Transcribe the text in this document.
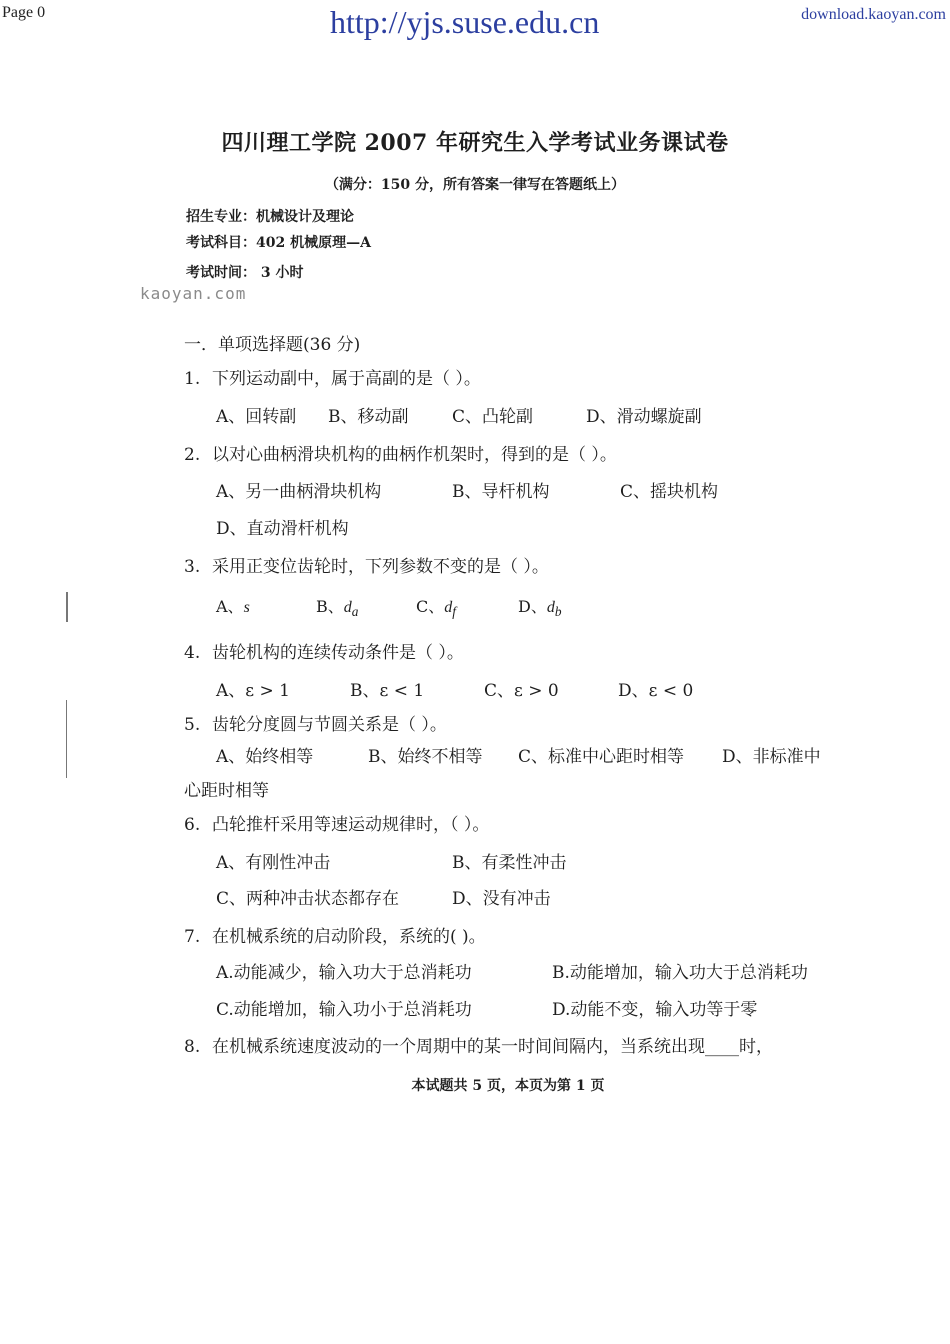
Page 0	http://yjs.suse.edu.cn	download.kaoyan.com
四川理工学院 2007 年研究生入学考试业务课试卷
（满分：150 分，所有答案一律写在答题纸上）
招生专业：机械设计及理论
考试科目：402 机械原理—A
考试时间： 3 小时
kaoyan.com
一．单项选择题(36 分)
1. 下列运动副中，属于高副的是（ ）。
A、回转副 B、移动副	C、凸轮副	D、滑动螺旋副
2. 以对心曲柄滑块机构的曲柄作机架时，得到的是（ ）。
A、另一曲柄滑块机构	B、导杆机构	C、摇块机构
D、直动滑杆机构
3. 采用正变位齿轮时，下列参数不变的是（ ）。
A、s	B、$d_a$	C、$d_f$	D、$d_b$
4. 齿轮机构的连续传动条件是（ ）。
A、ε > 1	B、ε < 1	C、ε > 0	D、ε < 0
5. 齿轮分度圆与节圆关系是（ ）。
A、始终相等	B、始终不相等 C、标准中心距时相等 D、非标准中
心距时相等
6. 凸轮推杆采用等速运动规律时，（ ）。
A、有刚性冲击	B、有柔性冲击
C、两种冲击状态都存在	D、没有冲击
7. 在机械系统的启动阶段，系统的( )。
A.动能减少，输入功大于总消耗功	B.动能增加，输入功大于总消耗功
C.动能增加，输入功小于总消耗功	D.动能不变，输入功等于零
8. 在机械系统速度波动的一个周期中的某一时间间隔内，当系统出现____时，
本试题共 5 页，本页为第 1 页
